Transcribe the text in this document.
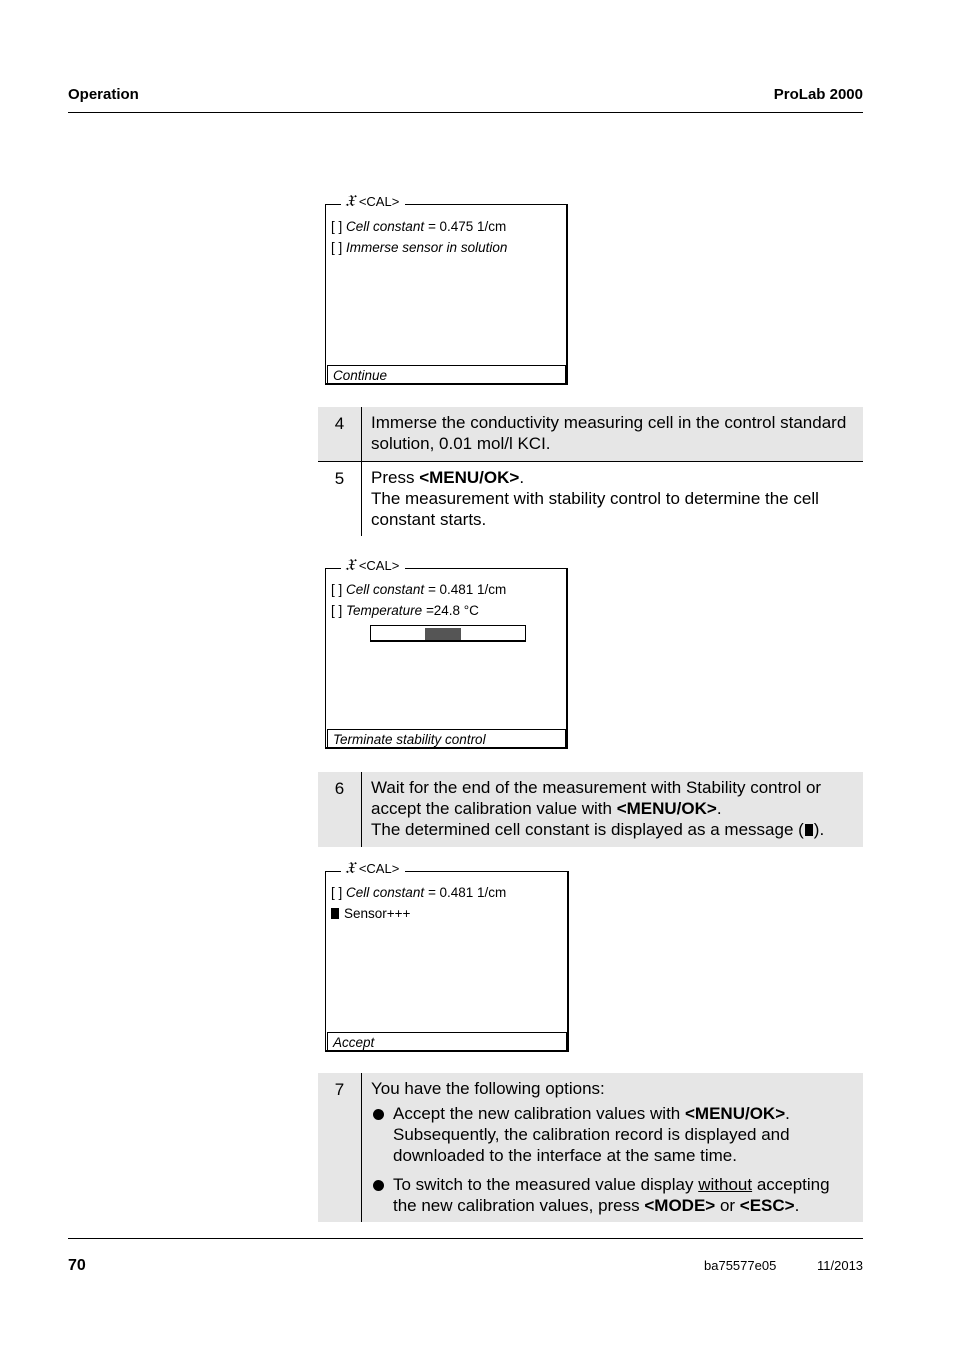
Operation	ProLab 2000
𝔛 <CAL>
[ ] Cell constant = 0.475 1/cm
[ ] Immerse sensor in solution
Continue
4	Immerse the conductivity measuring cell in the control standard solution, 0.01 mol/l KCI.

5	Press <MENU/OK>.

The measurement with stability control to determine the cell constant starts.

𝔛 <CAL>
[ ] Cell constant = 0.481 1/cm
[ ] Temperature =24.8 °C
Terminate stability control
6	Wait for the end of the measurement with Stability control or accept the calibration value with <MENU/OK>.

The determined cell constant is displayed as a message ( ).

𝔛 <CAL>
[ ] Cell constant = 0.481 1/cm
Sensor+++
Accept
7	You have the following options:

Accept the new calibration values with <MENU/OK>.

Subsequently, the calibration record is displayed and downloaded to the interface at the same time.

To switch to the measured value display without accepting the new calibration values, press <MODE> or <ESC>.

70	ba75577e05	11/2013
